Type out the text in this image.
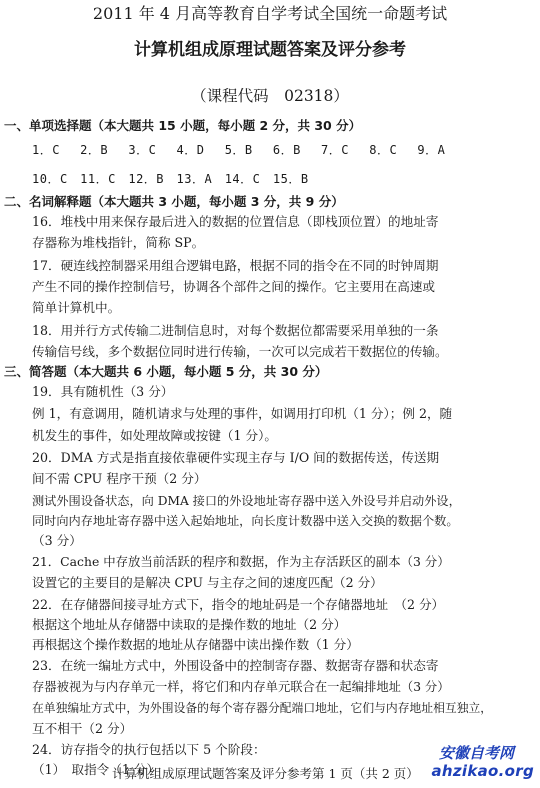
2011 年 4 月高等教育自学考试全国统一命题考试
计算机组成原理试题答案及评分参考
（课程代码　02318）
一、单项选择题（本大题共 15 小题，每小题 2 分，共 30 分）
1．C　 2．B　 3．C　 4．D　 5．B　 6．B　 7．C　 8．C　 9．A
10．C　11．C　12．B　13．A　14．C　15．B
二、名词解释题（本大题共 3 小题，每小题 3 分，共 9 分）
16．堆栈中用来保存最后进入的数据的位置信息（即栈顶位置）的地址寄
存器称为堆栈指针，简称 SP。
17．硬连线控制器采用组合逻辑电路，根据不同的指令在不同的时钟周期
产生不同的操作控制信号，协调各个部件之间的操作。它主要用在高速或
简单计算机中。
18．用并行方式传输二进制信息时，对每个数据位都需要采用单独的一条
传输信号线，多个数据位同时进行传输，一次可以完成若干数据位的传输。
三、简答题（本大题共 6 小题，每小题 5 分，共 30 分）
19．具有随机性（3 分）
例 1，有意调用，随机请求与处理的事件，如调用打印机（1 分）；例 2，随
机发生的事件，如处理故障或按键（1 分）。
20．DMA 方式是指直接依靠硬件实现主存与 I/O 间的数据传送，传送期
间不需 CPU 程序干预（2 分）
测试外围设备状态，向 DMA 接口的外设地址寄存器中送入外设号并启动外设，
同时向内存地址寄存器中送入起始地址，向长度计数器中送入交换的数据个数。
（3 分）
21．Cache 中存放当前活跃的程序和数据，作为主存活跃区的副本（3 分）
设置它的主要目的是解决 CPU 与主存之间的速度匹配（2 分）
22．在存储器间接寻址方式下，指令的地址码是一个存储器地址　（2 分）
根据这个地址从存储器中读取的是操作数的地址（2 分）
再根据这个操作数据的地址从存储器中读出操作数（1 分）
23．在统一编址方式中，外围设备中的控制寄存器、数据寄存器和状态寄
存器被视为与内存单元一样，将它们和内存单元联合在一起编排地址（3 分）
在单独编址方式中，为外围设备的每个寄存器分配端口地址，它们与内存地址相互独立，
互不相干（2 分）
24．访存指令的执行包括以下 5 个阶段：
（1）　取指令（1 分）
计算机组成原理试题答案及评分参考第 1 页（共 2 页）
安徽自考网
ahzikao.org
